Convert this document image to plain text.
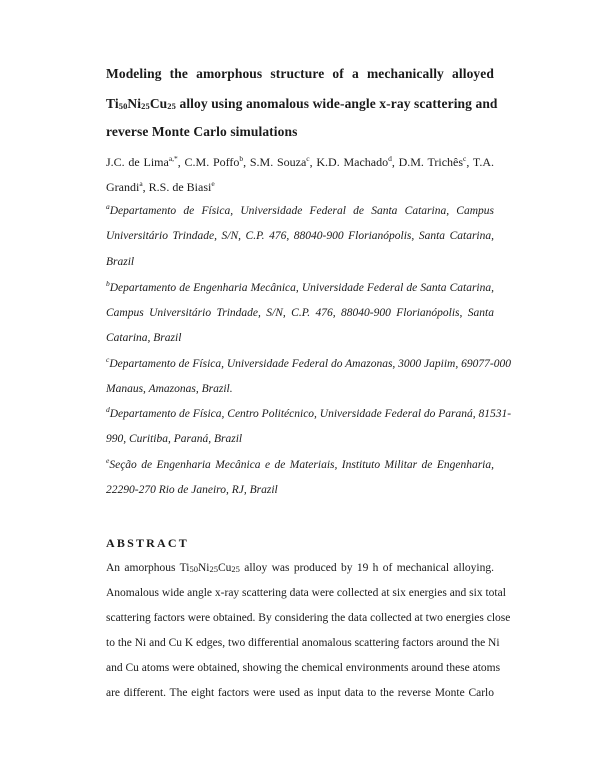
Modeling the amorphous structure of a mechanically alloyed
$Ti_{50}Ni_{25}Cu_{25}$ alloy using anomalous wide-angle x-ray scattering and
reverse Monte Carlo simulations
J.C. de Lima$^{a,*}$, C.M. Poffo$^b$, S.M. Souza$^c$, K.D. Machado$^d$, D.M. Trichês$^c$, T.A.
Grandi$^a$, R.S. de Biasi$^e$
$^a$Departamento de Física, Universidade Federal de Santa Catarina, Campus
Universitário Trindade, S/N, C.P. 476, 88040-900 Florianópolis, Santa Catarina,
Brazil
$^b$Departamento de Engenharia Mecânica, Universidade Federal de Santa Catarina,
Campus Universitário Trindade, S/N, C.P. 476, 88040-900 Florianópolis, Santa
Catarina, Brazil
$^c$Departamento de Física, Universidade Federal do Amazonas, 3000 Japiim, 69077-000
Manaus, Amazonas, Brazil.
$^d$Departamento de Física, Centro Politécnico, Universidade Federal do Paraná, 81531-
990, Curitiba, Paraná, Brazil
$^e$Seção de Engenharia Mecânica e de Materiais, Instituto Militar de Engenharia,
22290-270 Rio de Janeiro, RJ, Brazil
ABSTRACT
An amorphous $Ti_{50}Ni_{25}Cu_{25}$ alloy was produced by 19 h of mechanical alloying.
Anomalous wide angle x-ray scattering data were collected at six energies and six total
scattering factors were obtained. By considering the data collected at two energies close
to the Ni and Cu K edges, two differential anomalous scattering factors around the Ni
and Cu atoms were obtained, showing the chemical environments around these atoms
are different. The eight factors were used as input data to the reverse Monte Carlo
